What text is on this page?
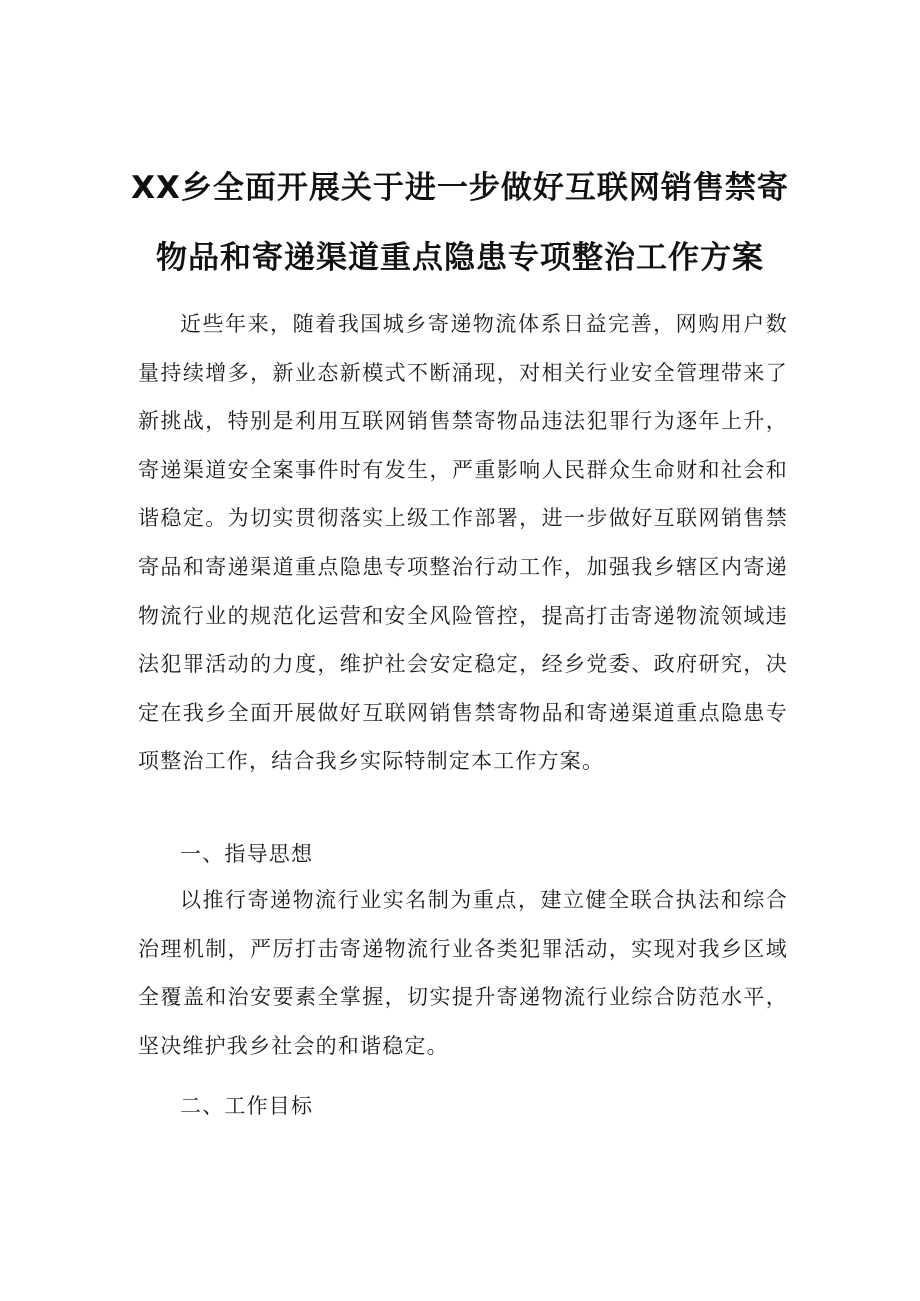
XX乡全面开展关于进一步做好互联网销售禁寄
物品和寄递渠道重点隐患专项整治工作方案

近些年来，随着我国城乡寄递物流体系日益完善，网购用户数量持续增多，新业态新模式不断涌现，对相关行业安全管理带来了新挑战，特别是利用互联网销售禁寄物品违法犯罪行为逐年上升，寄递渠道安全案事件时有发生，严重影响人民群众生命财和社会和谐稳定。为切实贯彻落实上级工作部署，进一步做好互联网销售禁寄品和寄递渠道重点隐患专项整治行动工作，加强我乡辖区内寄递物流行业的规范化运营和安全风险管控，提高打击寄递物流领域违法犯罪活动的力度，维护社会安定稳定，经乡党委、政府研究，决定在我乡全面开展做好互联网销售禁寄物品和寄递渠道重点隐患专项整治工作，结合我乡实际特制定本工作方案。

一、指导思想

以推行寄递物流行业实名制为重点，建立健全联合执法和综合治理机制，严厉打击寄递物流行业各类犯罪活动，实现对我乡区域全覆盖和治安要素全掌握，切实提升寄递物流行业综合防范水平，坚决维护我乡社会的和谐稳定。

二、工作目标
